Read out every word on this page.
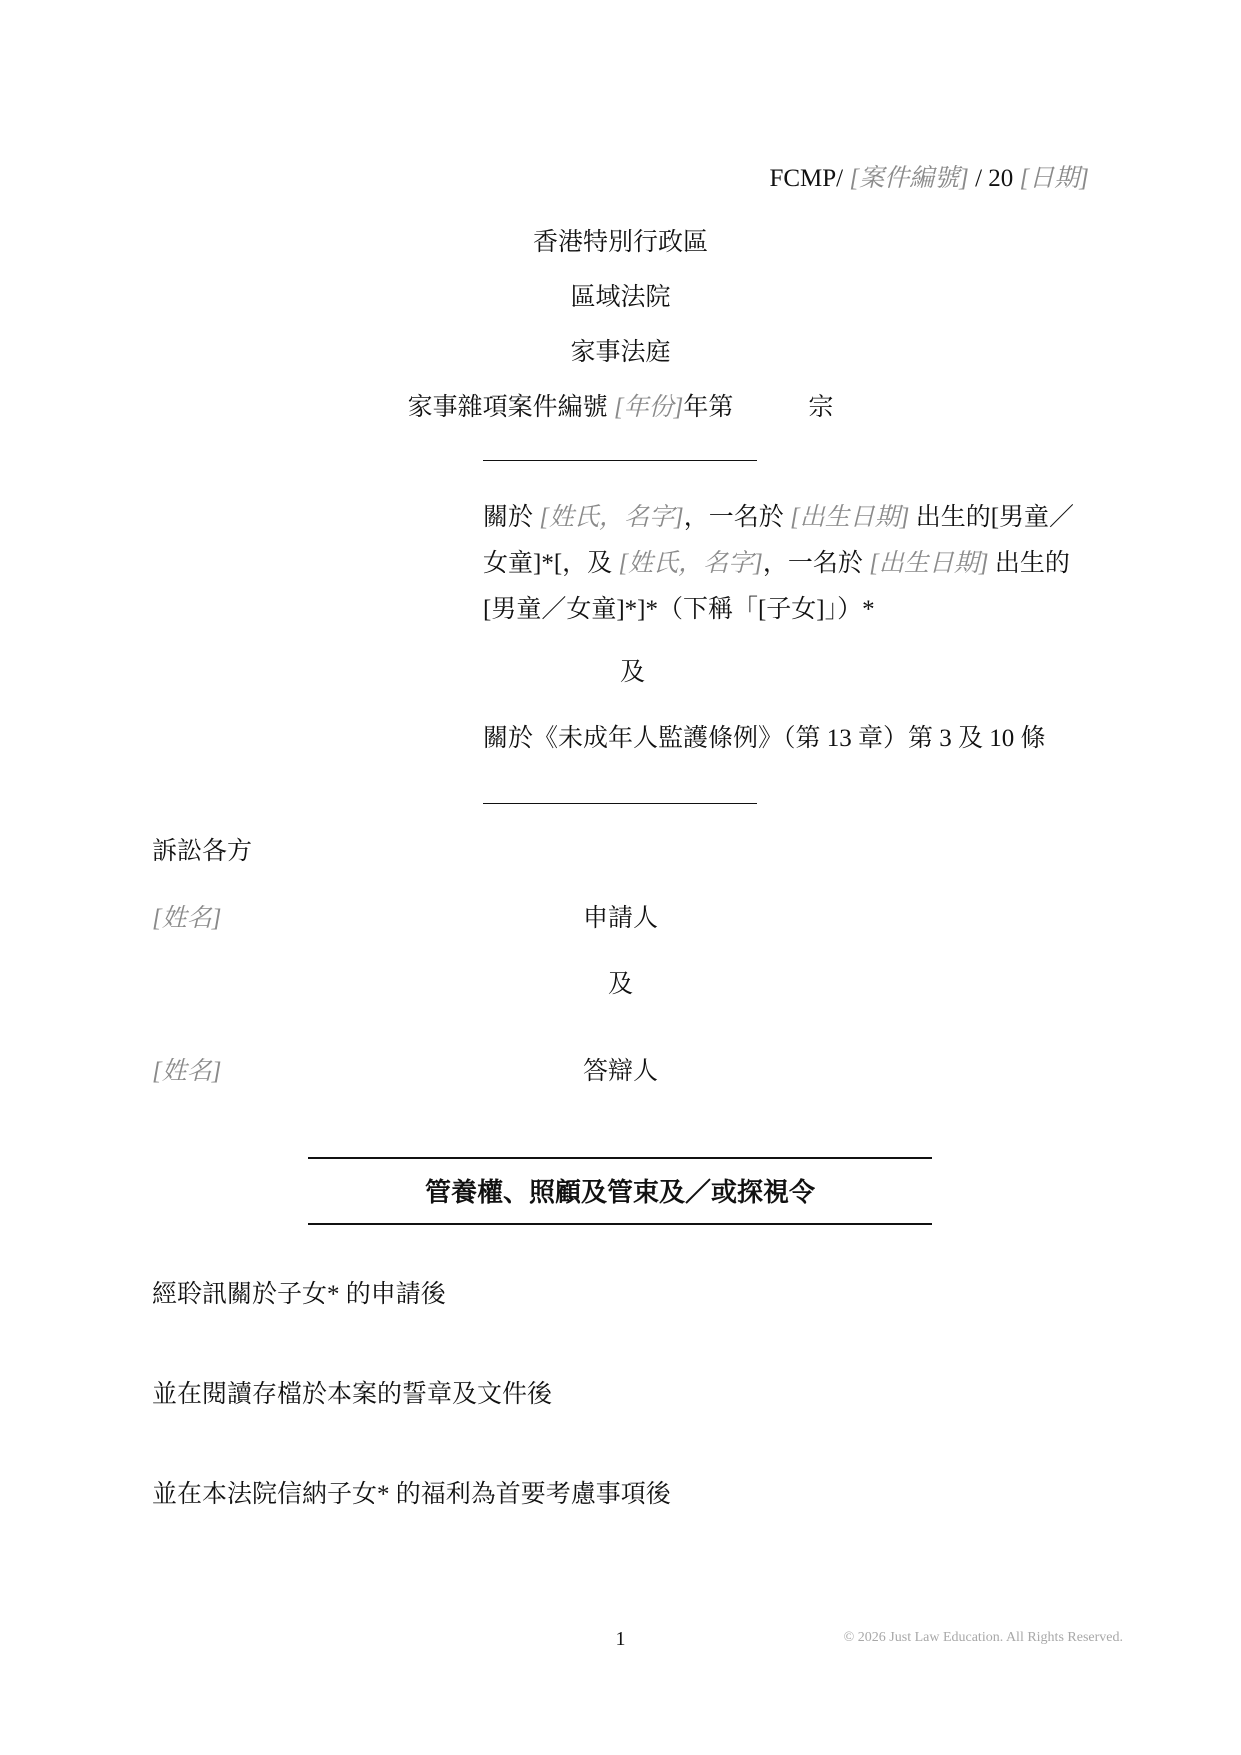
FCMP/ [案件編號] / 20 [日期]
香港特別行政區
區域法院
家事法庭
家事雜項案件編號 [年份]年第　　　宗
關於 [姓氏，名字]，一名於 [出生日期] 出生的[男童／
女童]*[，及 [姓氏，名字]，一名於 [出生日期] 出生的
[男童／女童]*]*（下稱「[子女]」）*
及
關於《未成年人監護條例》（第 13 章）第 3 及 10 條
訴訟各方
[姓名]	申請人
及
[姓名]	答辯人
管養權、照顧及管束及／或探視令
經聆訊關於子女* 的申請後
並在閱讀存檔於本案的誓章及文件後
並在本法院信納子女* 的福利為首要考慮事項後
1	© 2026 Just Law Education. All Rights Reserved.
